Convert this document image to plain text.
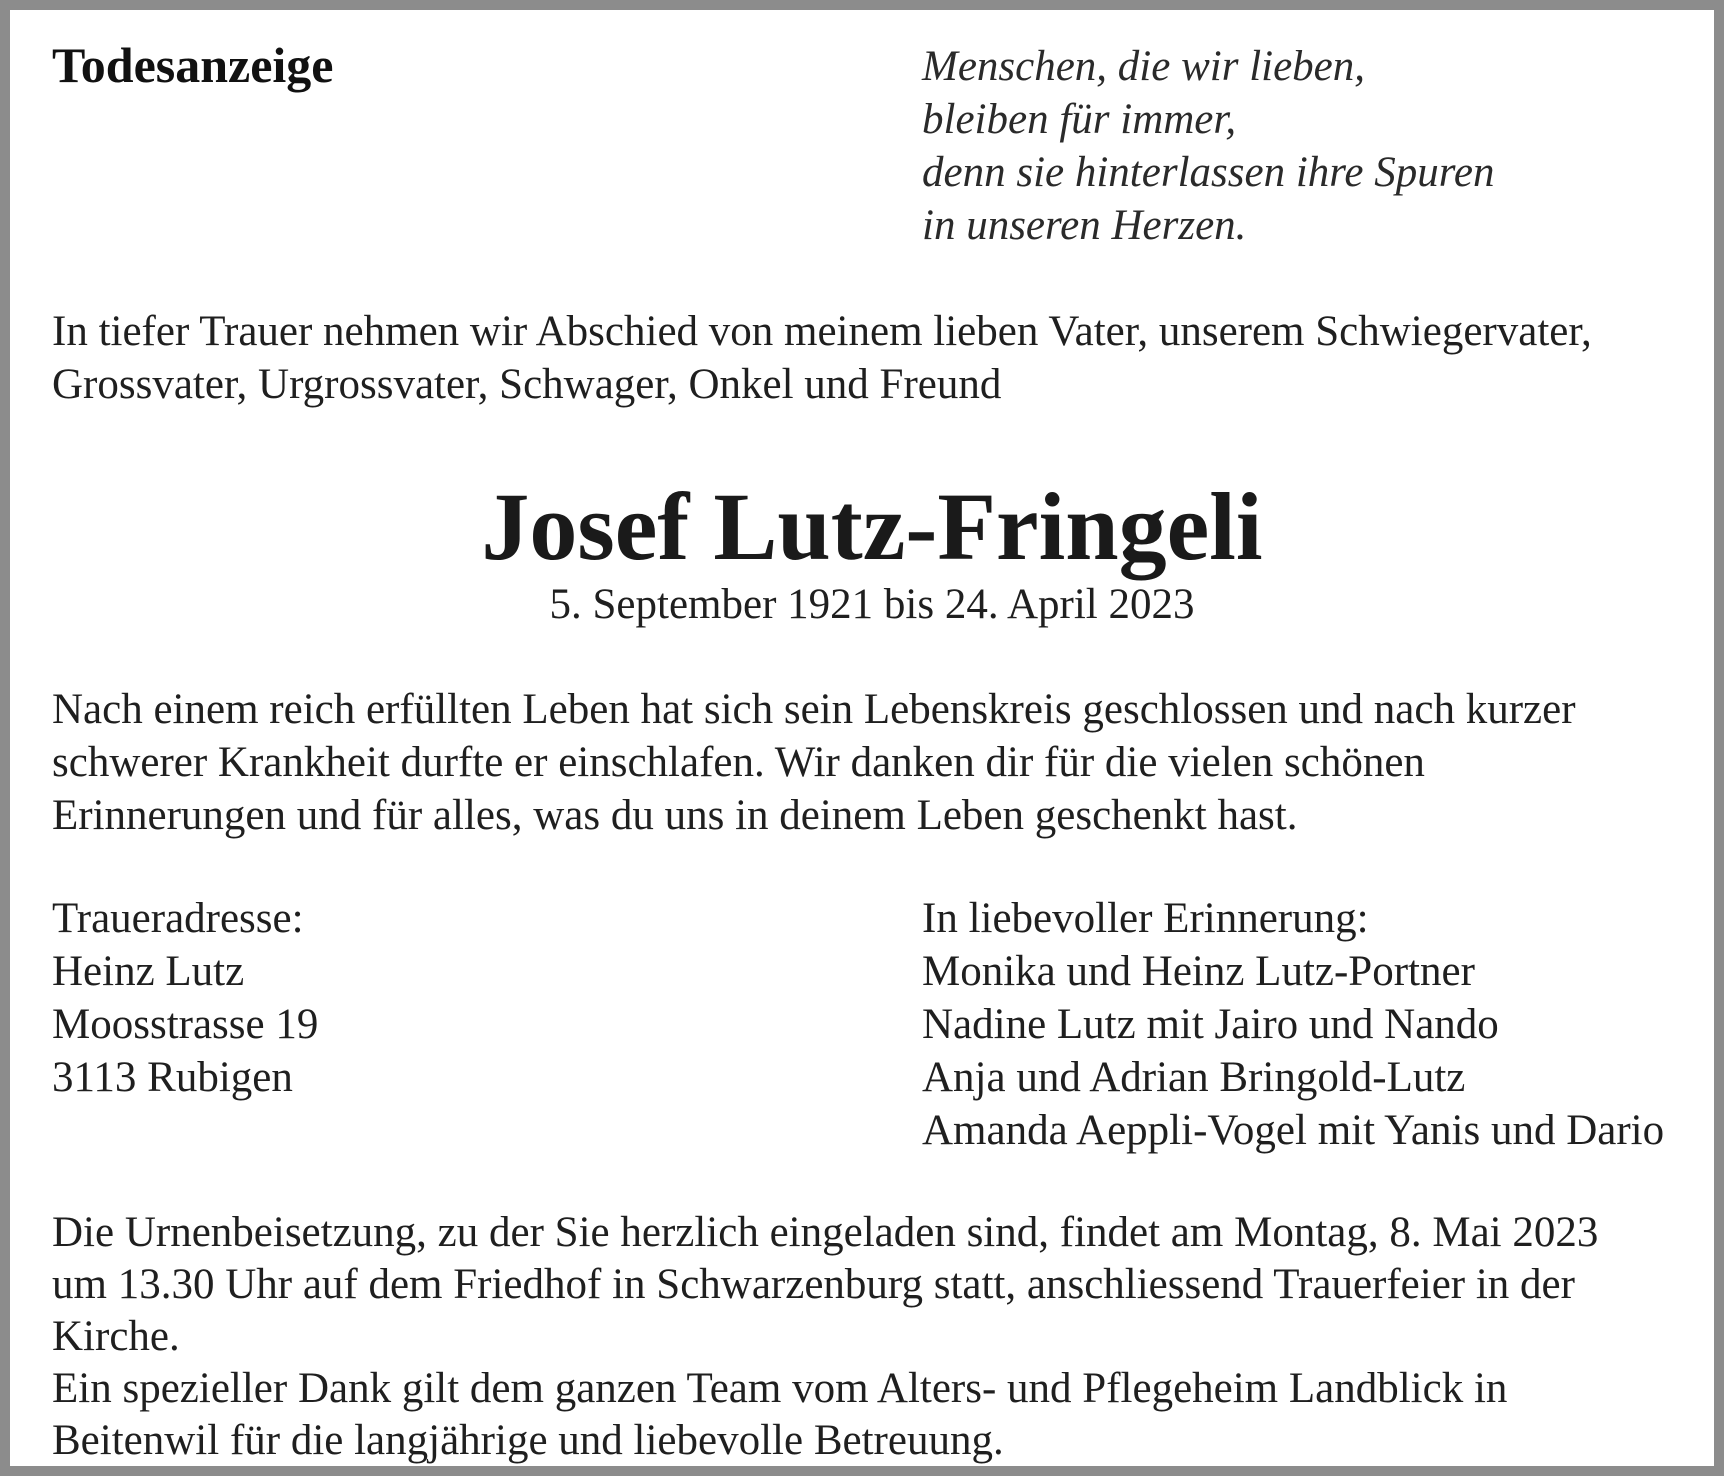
Todesanzeige	Menschen, die wir lieben,
bleiben für immer,
denn sie hinterlassen ihre Spuren
in unseren Herzen.
In tiefer Trauer nehmen wir Abschied von meinem lieben Vater, unserem Schwiegervater,
Grossvater, Urgrossvater, Schwager, Onkel und Freund
Josef Lutz-Fringeli
5. September 1921 bis 24. April 2023
Nach einem reich erfüllten Leben hat sich sein Lebenskreis geschlossen und nach kurzer
schwerer Krankheit durfte er einschlafen. Wir danken dir für die vielen schönen
Erinnerungen und für alles, was du uns in deinem Leben geschenkt hast.
Traueradresse:
Heinz Lutz
Moosstrasse 19
3113 Rubigen
In liebevoller Erinnerung:
Monika und Heinz Lutz-Portner
Nadine Lutz mit Jairo und Nando
Anja und Adrian Bringold-Lutz
Amanda Aeppli-Vogel mit Yanis und Dario
Die Urnenbeisetzung, zu der Sie herzlich eingeladen sind, findet am Montag, 8. Mai 2023
um 13.30 Uhr auf dem Friedhof in Schwarzenburg statt, anschliessend Trauerfeier in der
Kirche.
Ein spezieller Dank gilt dem ganzen Team vom Alters- und Pflegeheim Landblick in
Beitenwil für die langjährige und liebevolle Betreuung.
